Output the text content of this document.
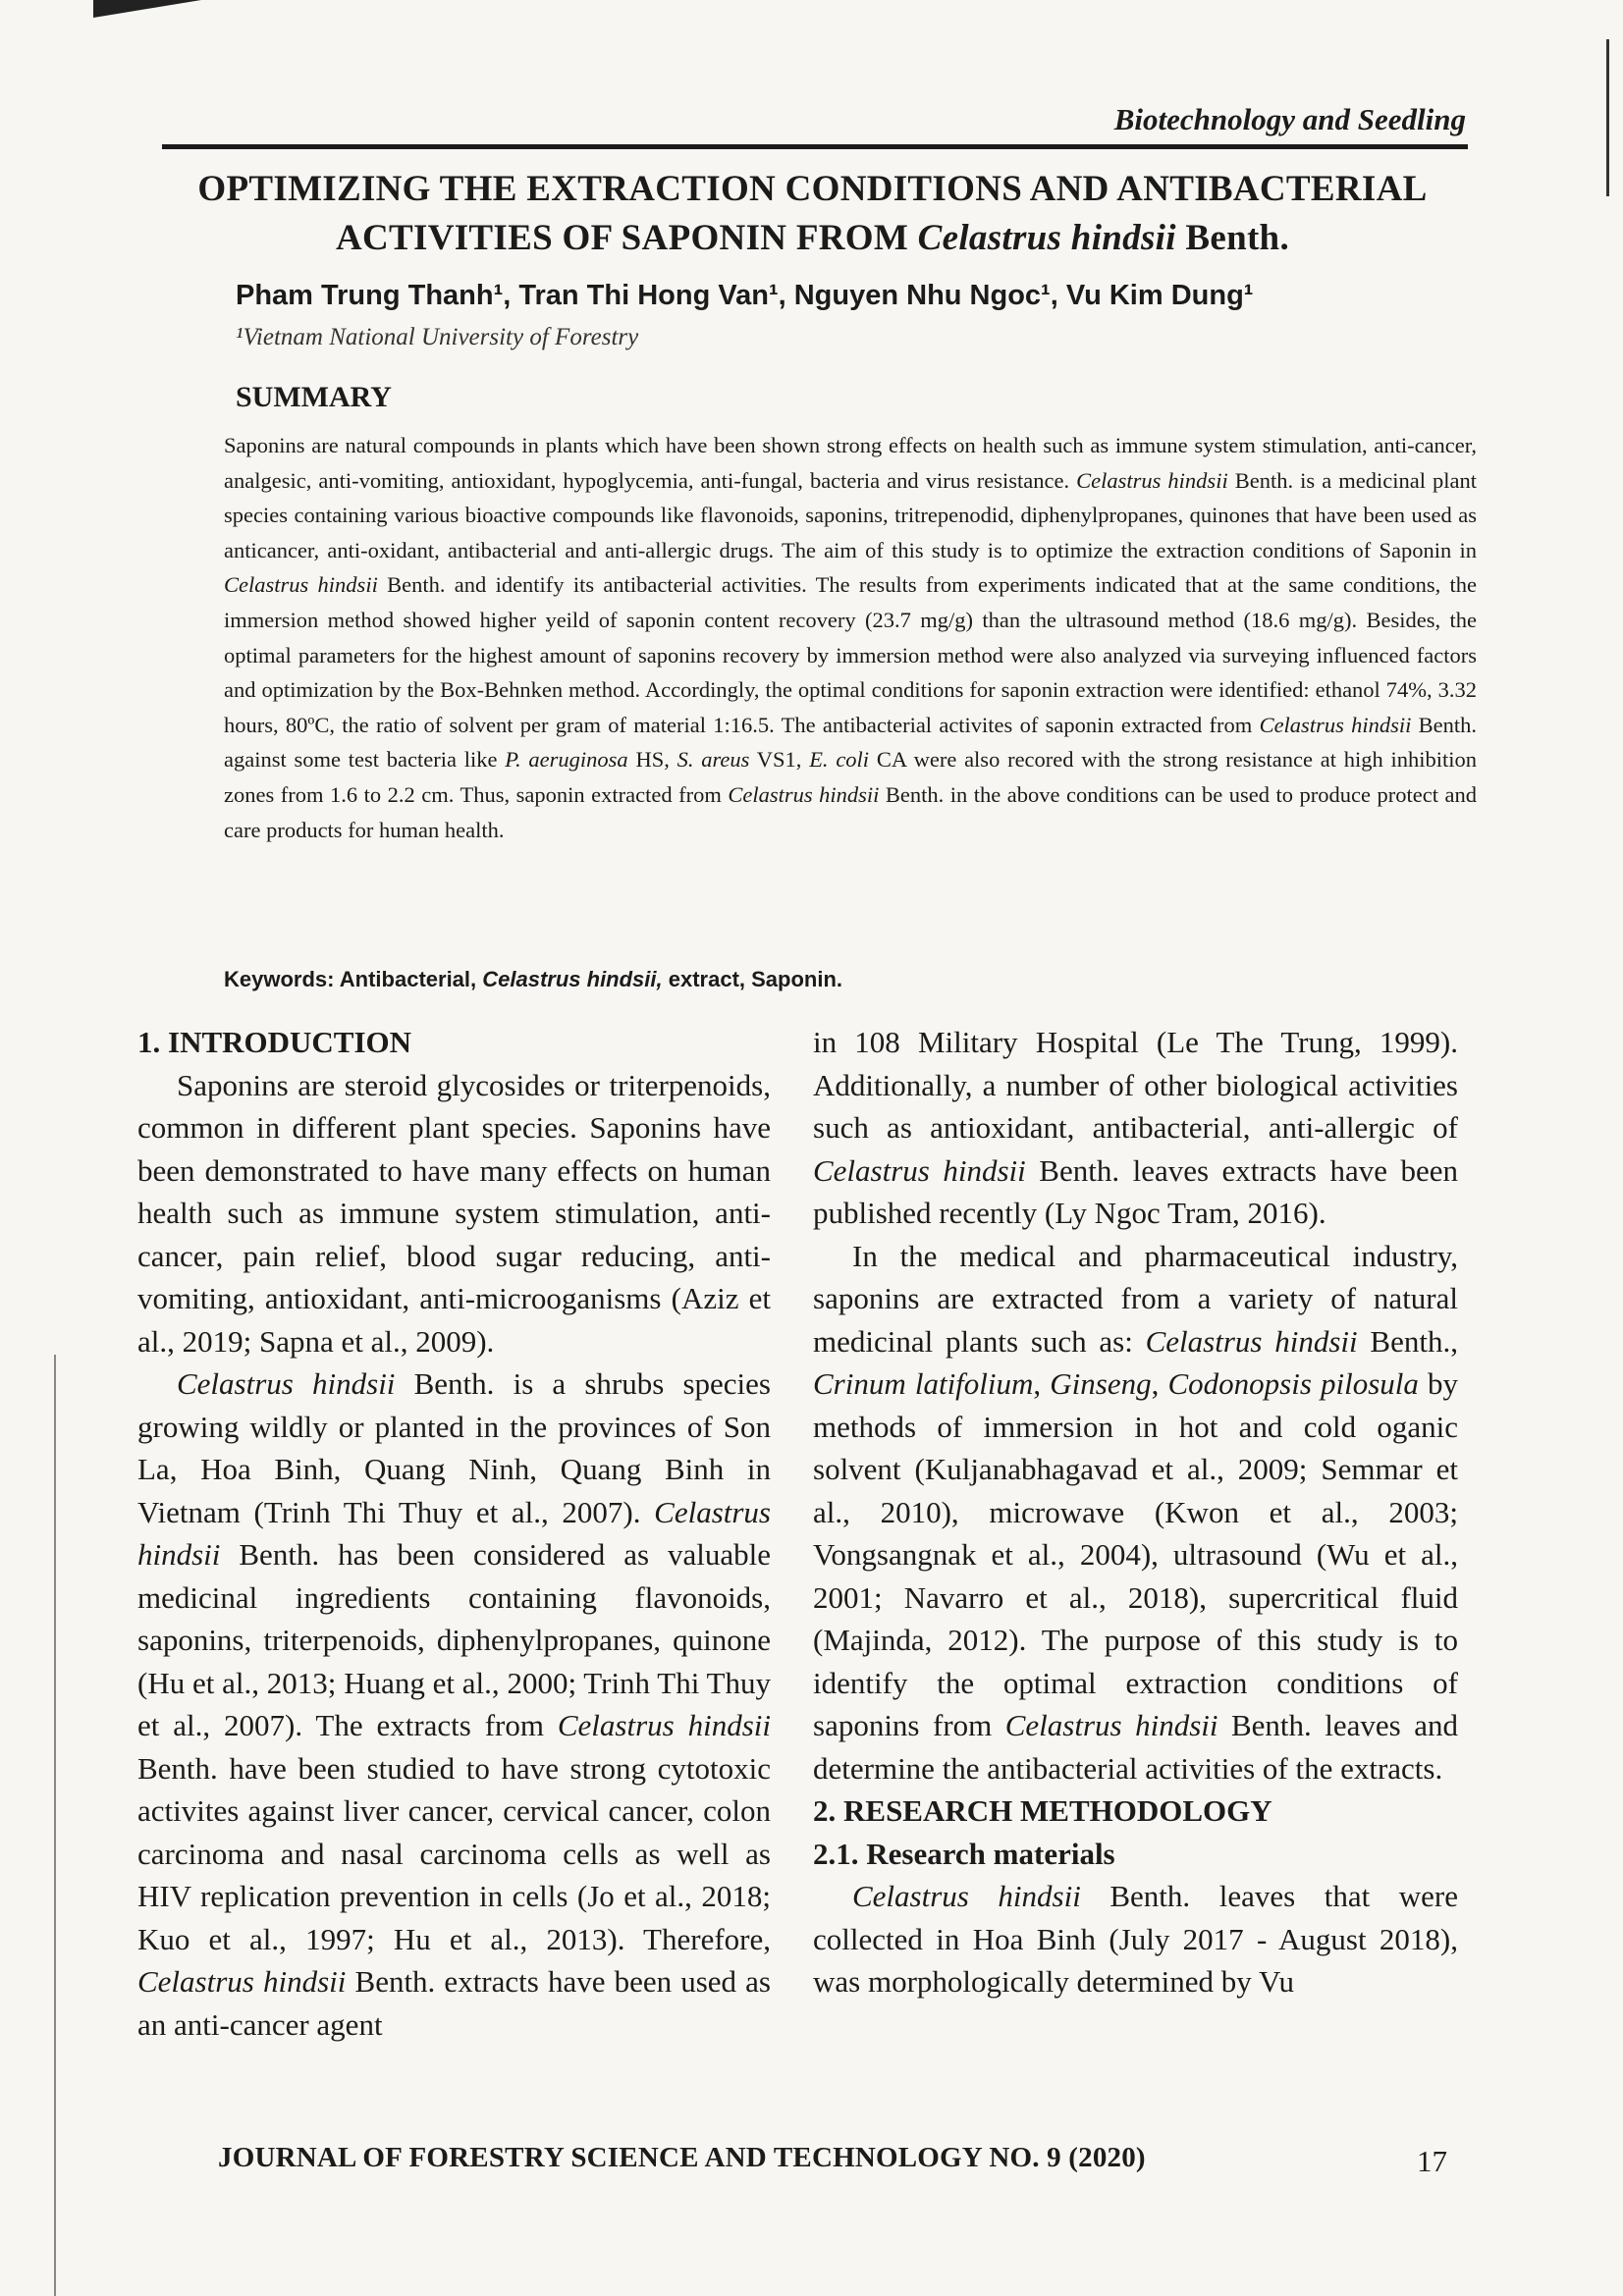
Biotechnology and Seedling
OPTIMIZING THE EXTRACTION CONDITIONS AND ANTIBACTERIAL
ACTIVITIES OF SAPONIN FROM Celastrus hindsii Benth.
Pham Trung Thanh¹, Tran Thi Hong Van¹, Nguyen Nhu Ngoc¹, Vu Kim Dung¹
¹Vietnam National University of Forestry
SUMMARY

Saponins are natural compounds in plants which have been shown strong effects on health such as immune system stimulation, anti-cancer, analgesic, anti-vomiting, antioxidant, hypoglycemia, anti-fungal, bacteria and virus resistance. Celastrus hindsii Benth. is a medicinal plant species containing various bioactive compounds like flavonoids, saponins, tritrepenodid, diphenylpropanes, quinones that have been used as anticancer, anti-oxidant, antibacterial and anti-allergic drugs. The aim of this study is to optimize the extraction conditions of Saponin in Celastrus hindsii Benth. and identify its antibacterial activities. The results from experiments indicated that at the same conditions, the immersion method showed higher yeild of saponin content recovery (23.7 mg/g) than the ultrasound method (18.6 mg/g). Besides, the optimal parameters for the highest amount of saponins recovery by immersion method were also analyzed via surveying influenced factors and optimization by the Box-Behnken method. Accordingly, the optimal conditions for saponin extraction were identified: ethanol 74%, 3.32 hours, 80ºC, the ratio of solvent per gram of material 1:16.5. The antibacterial activites of saponin extracted from Celastrus hindsii Benth. against some test bacteria like P. aeruginosa HS, S. areus VS1, E. coli CA were also recored with the strong resistance at high inhibition zones from 1.6 to 2.2 cm. Thus, saponin extracted from Celastrus hindsii Benth. in the above conditions can be used to produce protect and care products for human health.

Keywords: Antibacterial, Celastrus hindsii, extract, Saponin.
1. INTRODUCTION

Saponins are steroid glycosides or triterpenoids, common in different plant species. Saponins have been demonstrated to have many effects on human health such as immune system stimulation, anti-cancer, pain relief, blood sugar reducing, anti-vomiting, antioxidant, anti-microoganisms (Aziz et al., 2019; Sapna et al., 2009).

Celastrus hindsii Benth. is a shrubs species growing wildly or planted in the provinces of Son La, Hoa Binh, Quang Ninh, Quang Binh in Vietnam (Trinh Thi Thuy et al., 2007). Celastrus hindsii Benth. has been considered as valuable medicinal ingredients containing flavonoids, saponins, triterpenoids, diphenylpropanes, quinone (Hu et al., 2013; Huang et al., 2000; Trinh Thi Thuy et al., 2007). The extracts from Celastrus hindsii Benth. have been studied to have strong cytotoxic activites against liver cancer, cervical cancer, colon carcinoma and nasal carcinoma cells as well as HIV replication prevention in cells (Jo et al., 2018; Kuo et al., 1997; Hu et al., 2013). Therefore, Celastrus hindsii Benth. extracts have been used as an anti-cancer agent

in 108 Military Hospital (Le The Trung, 1999). Additionally, a number of other biological activities such as antioxidant, antibacterial, anti-allergic of Celastrus hindsii Benth. leaves extracts have been published recently (Ly Ngoc Tram, 2016).

In the medical and pharmaceutical industry, saponins are extracted from a variety of natural medicinal plants such as: Celastrus hindsii Benth., Crinum latifolium, Ginseng, Codonopsis pilosula by methods of immersion in hot and cold oganic solvent (Kuljanabhagavad et al., 2009; Semmar et al., 2010), microwave (Kwon et al., 2003; Vongsangnak et al., 2004), ultrasound (Wu et al., 2001; Navarro et al., 2018), supercritical fluid (Majinda, 2012). The purpose of this study is to identify the optimal extraction conditions of saponins from Celastrus hindsii Benth. leaves and determine the antibacterial activities of the extracts.

2. RESEARCH METHODOLOGY
2.1. Research materials

Celastrus hindsii Benth. leaves that were collected in Hoa Binh (July 2017 - August 2018), was morphologically determined by Vu

JOURNAL OF FORESTRY SCIENCE AND TECHNOLOGY NO. 9 (2020)	17
